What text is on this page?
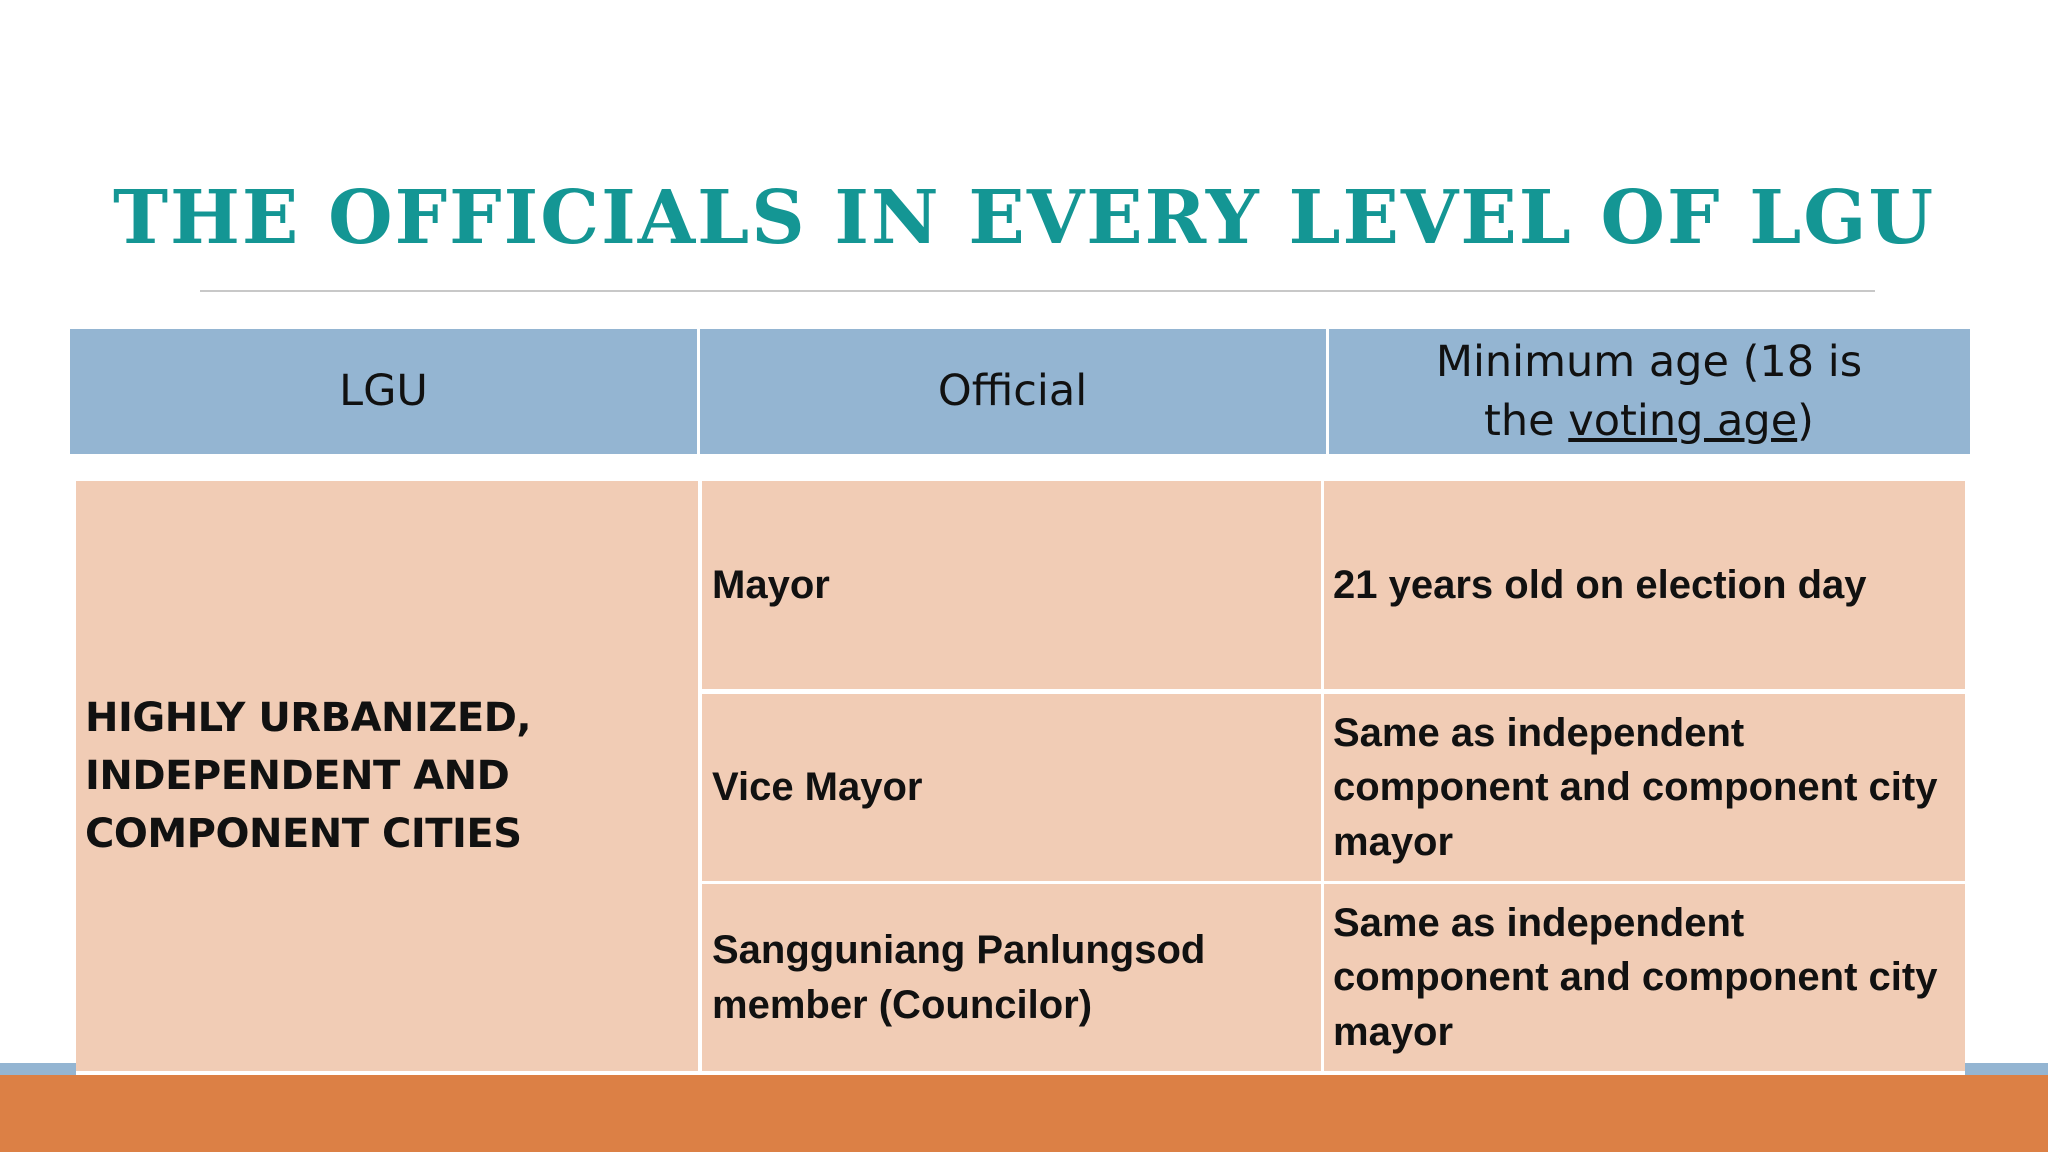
THE OFFICIALS IN EVERY LEVEL OF LGU
LGU	Official
Minimum age (18 is
the voting age)
HIGHLY URBANIZED, INDEPENDENT AND COMPONENT CITIES
Mayor	21 years old on election day
Vice Mayor
Same as independent component and component city mayor
Sangguniang Panlungsod member (Councilor)
Same as independent component and component city mayor
